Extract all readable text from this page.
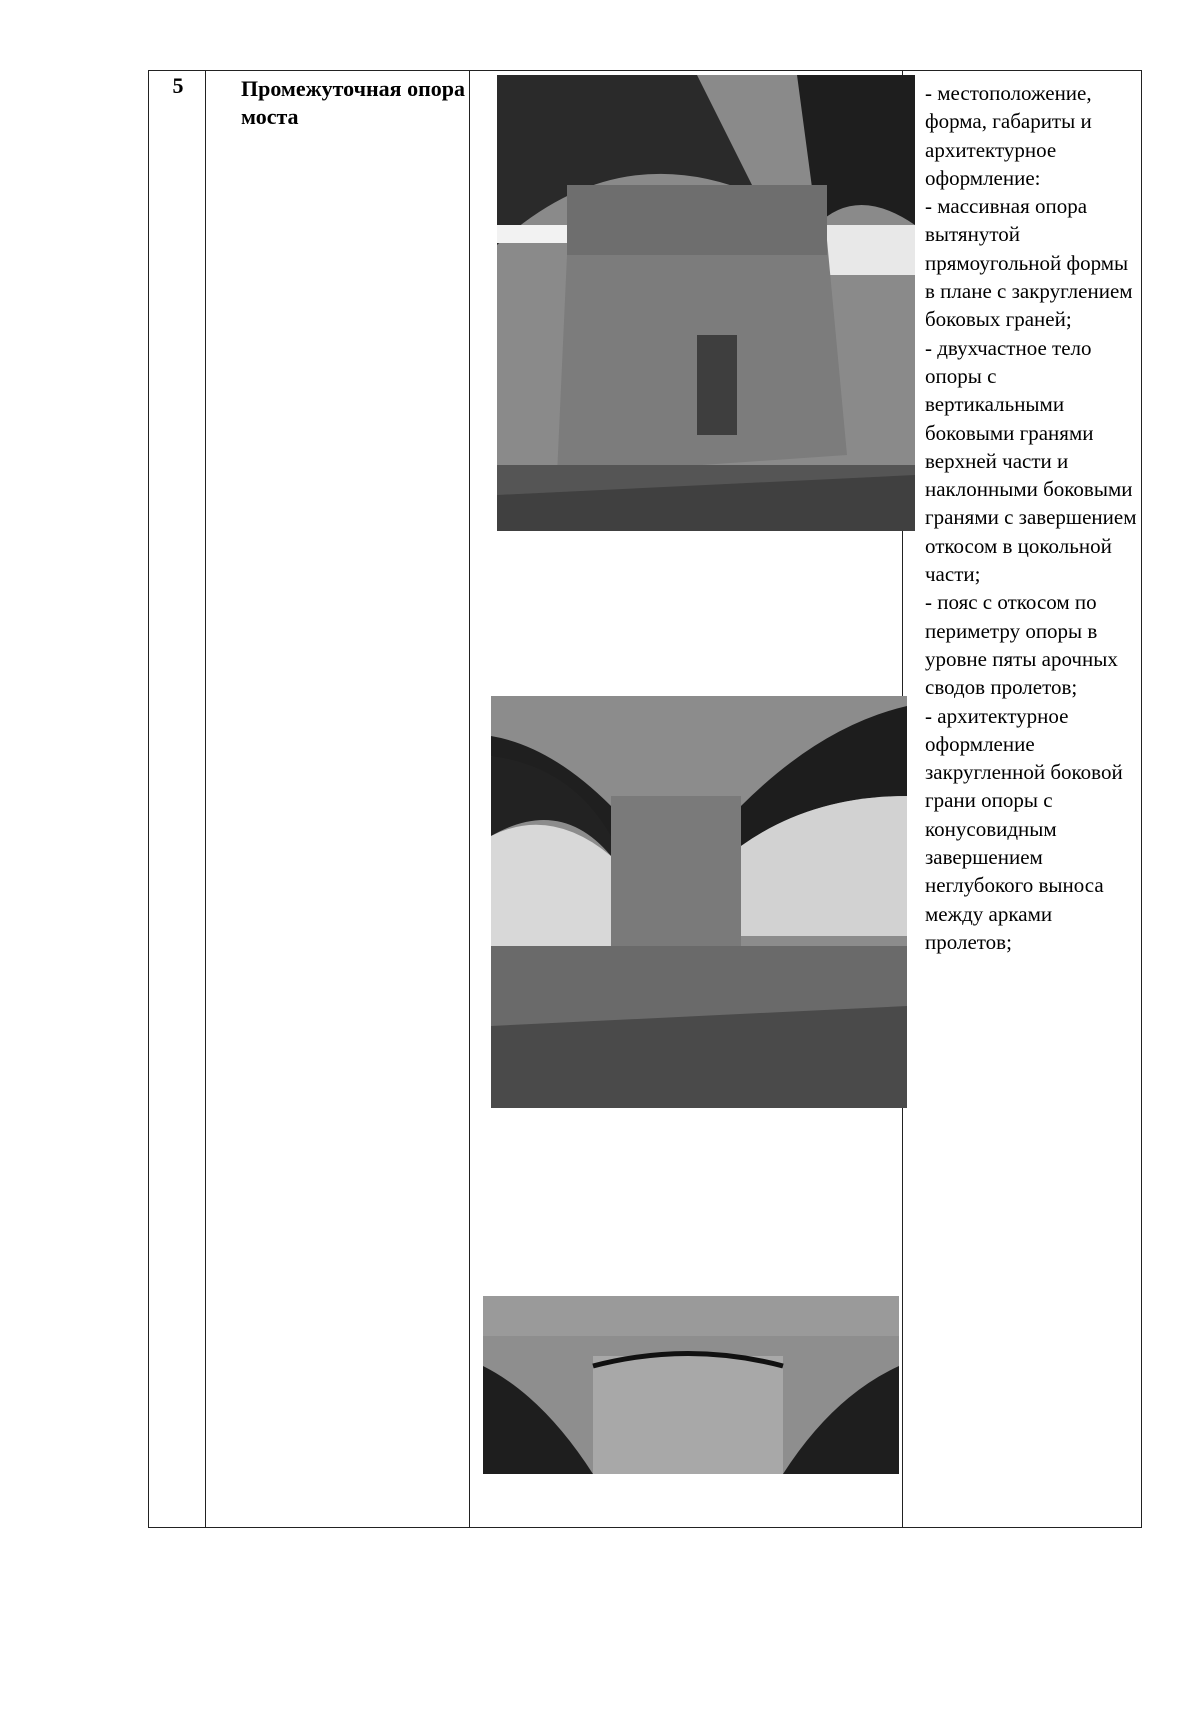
5	Промежуточная опора моста
- местоположение, форма, габариты и архитектурное оформление:
- массивная опора вытянутой прямоугольной формы в плане с закруглением боковых граней;
- двухчастное тело опоры с вертикальными боковыми гранями верхней части и наклонными боковыми гранями с завершением откосом в цокольной части;
- пояс с откосом по периметру опоры в уровне пяты арочных сводов пролетов;
- архитектурное оформление закругленной боковой грани опоры с конусовидным завершением неглубокого выноса между арками пролетов;
